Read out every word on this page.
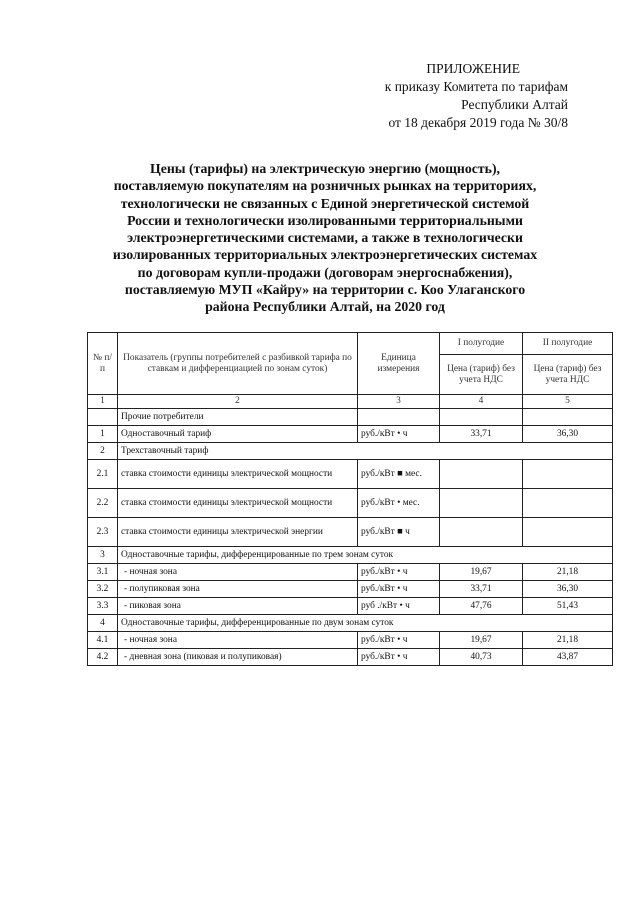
ПРИЛОЖЕНИЕ
к приказу Комитета по тарифам
Республики Алтай
от 18 декабря 2019 года № 30/8
Цены (тарифы) на электрическую энергию (мощность),
поставляемую покупателям на розничных рынках на территориях,
технологически не связанных с Единой энергетической системой
России и технологически изолированными территориальными
электроэнергетическими системами, а также в технологически
изолированных территориальных электроэнергетических системах
по договорам купли-продажи (договорам энергоснабжения),
поставляемую МУП «Кайру» на территории с. Коо Улаганского
района Республики Алтай, на 2020 год
№ п/п	Показатель (группы потребителей с разбивкой тарифа по ставкам и дифференциацией по зонам суток)	Единица измерения	I полугодие	II полугодие
			Цена (тариф) без учета НДС	Цена (тариф) без учета НДС
1	2	3	4	5
	Прочие потребители			
1	Одноставочный тариф	руб./кВт • ч	33,71	36,30
2	Трехставочный тариф			
2.1	ставка стоимости единицы электрической мощности	руб./кВт ■ мес.		
2.2	ставка стоимости единицы электрической мощности	руб./кВт • мес.		
2.3	ставка стоимости единицы электрической энергии	руб./кВт ■ ч		
3	Одноставочные тарифы, дифференцированные по трем зонам суток			
3.1	- ночная зона	руб./кВт • ч	19,67	21,18
3.2	- полупиковая зона	руб./кВт • ч	33,71	36,30
3.3	- пиковая зона	руб ./кВт • ч	47,76	51,43
4	Одноставочные тарифы, дифференцированные по двум зонам суток			
4.1	- ночная зона	руб./кВт • ч	19,67	21,18
4.2	- дневная зона (пиковая и полупиковая)	руб./кВт • ч	40,73	43,87
